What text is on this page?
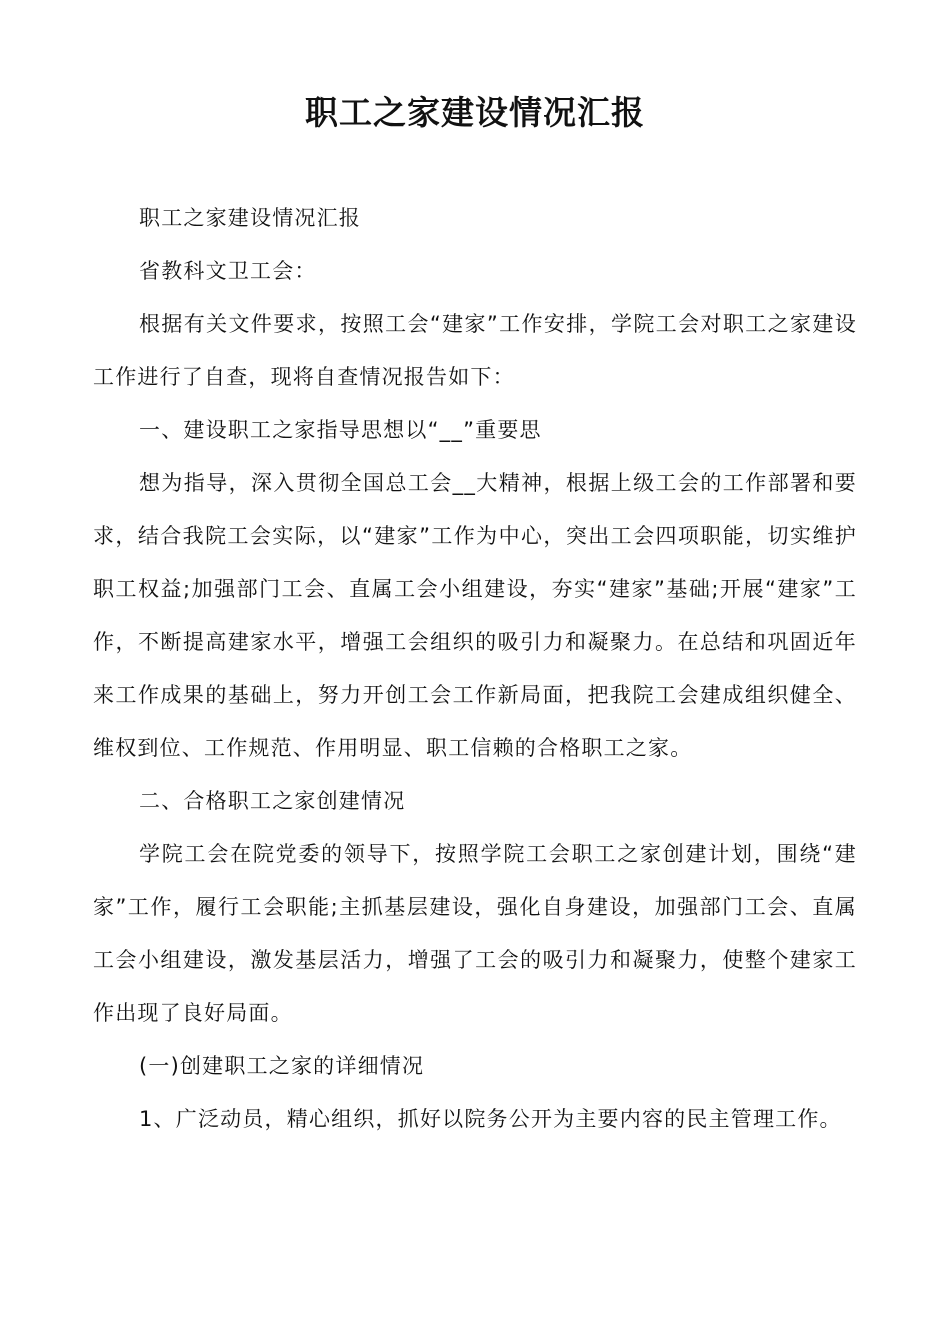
职工之家建设情况汇报

职工之家建设情况汇报

省教科文卫工会：

根据有关文件要求，按照工会“建家”工作安排，学院工会对职工之家建设工作进行了自查，现将自查情况报告如下：

一、建设职工之家指导思想以“__”重要思

想为指导，深入贯彻全国总工会__大精神，根据上级工会的工作部署和要求，结合我院工会实际，以“建家”工作为中心，突出工会四项职能，切实维护职工权益;加强部门工会、直属工会小组建设，夯实“建家”基础;开展“建家”工作，不断提高建家水平，增强工会组织的吸引力和凝聚力。在总结和巩固近年来工作成果的基础上，努力开创工会工作新局面，把我院工会建成组织健全、维权到位、工作规范、作用明显、职工信赖的合格职工之家。

二、合格职工之家创建情况

学院工会在院党委的领导下，按照学院工会职工之家创建计划，围绕“建家”工作，履行工会职能;主抓基层建设，强化自身建设，加强部门工会、直属工会小组建设，激发基层活力，增强了工会的吸引力和凝聚力，使整个建家工作出现了良好局面。

(一)创建职工之家的详细情况

1、广泛动员，精心组织，抓好以院务公开为主要内容的民主管理工作。
